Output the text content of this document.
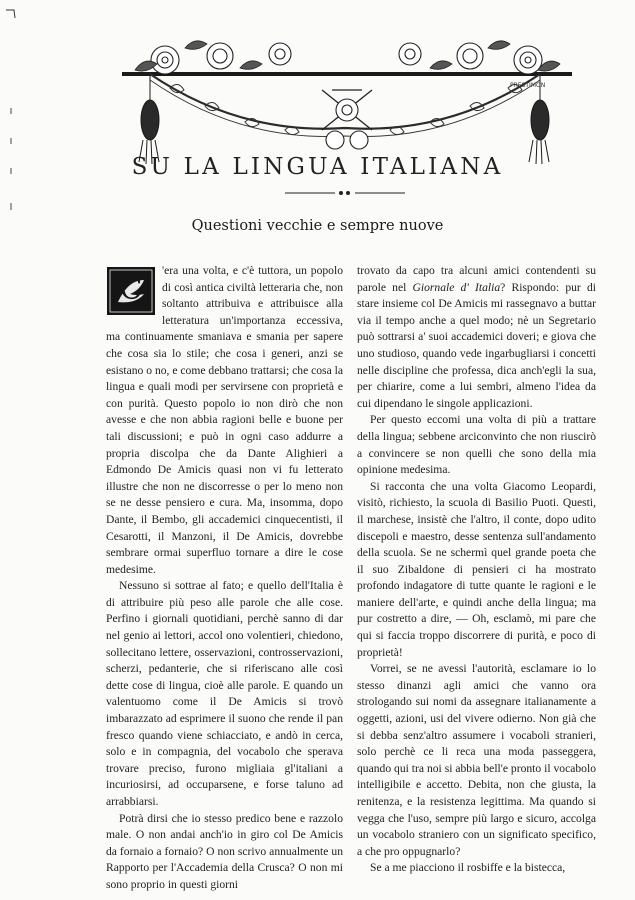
PRESTIMON
SU LA LINGUA ITALIANA
Questioni vecchie e sempre nuove

C
'era una volta, e c'è tuttora, un popolo di così antica civiltà letteraria che, non soltanto attribuiva e attribuisce alla letteratura un'importanza eccessiva, ma continuamente smaniava e smania per sapere che cosa sia lo stile; che cosa i generi, anzi se esistano o no, e come debbano trattarsi; che cosa la lingua e quali modi per servirsene con proprietà e con purità. Questo popolo io non dirò che non avesse e che non abbia ragioni belle e buone per tali discussioni; e può in ogni caso addurre a propria discolpa che da Dante Alighieri a Edmondo De Amicis quasi non vi fu letterato illustre che non ne discorresse o per lo meno non se ne desse pensiero e cura. Ma, insomma, dopo Dante, il Bembo, gli accademici cinquecentisti, il Cesarotti, il Manzoni, il De Amicis, dovrebbe sembrare ormai superfluo tornare a dire le cose medesime.

Nessuno si sottrae al fato; e quello dell'Italia è di attribuire più peso alle parole che alle cose. Perfino i giornali quotidiani, perchè sanno di dar nel genio ai lettori, accol ono volentieri, chiedono, sollecitano lettere, osservazioni, controsservazioni, scherzi, pedanterie, che si riferiscano alle così dette cose di lingua, cioè alle parole. E quando un valentuomo come il De Amicis si trovò imbarazzato ad esprimere il suono che rende il pan fresco quando viene schiacciato, e andò in cerca, solo e in compagnia, del vocabolo che sperava trovare preciso, furono migliaia gl'italiani a incuriosirsi, ad occuparsene, e forse taluno ad arrabbiarsi.

Potrà dirsi che io stesso predico bene e razzolo male. O non andai anch'io in giro col De Amicis da fornaio a fornaio? O non scrivo annualmente un Rapporto per l'Accademia della Crusca? O non mi sono proprio in questi giorni

trovato da capo tra alcuni amici contendenti su parole nel Giornale d' Italia? Rispondo: pur di stare insieme col De Amicis mi rassegnavo a buttar via il tempo anche a quel modo; nè un Segretario può sottrarsi a' suoi accademici doveri; e giova che uno studioso, quando vede ingarbugliarsi i concetti nelle discipline che professa, dica anch'egli la sua, per chiarire, come a lui sembri, almeno l'idea da cui dipendano le singole applicazioni.

Per questo eccomi una volta di più a trattare della lingua; sebbene arciconvinto che non riuscirò a convincere se non quelli che sono della mia opinione medesima.

Si racconta che una volta Giacomo Leopardi, visitò, richiesto, la scuola di Basilio Puoti. Questi, il marchese, insistè che l'altro, il conte, dopo udito discepoli e maestro, desse sentenza sull'andamento della scuola. Se ne schermì quel grande poeta che il suo Zibaldone di pensieri ci ha mostrato profondo indagatore di tutte quante le ragioni e le maniere dell'arte, e quindi anche della lingua; ma pur costretto a dire, — Oh, esclamò, mi pare che qui si faccia troppo discorrere di purità, e poco di proprietà!

Vorrei, se ne avessi l'autorità, esclamare io lo stesso dinanzi agli amici che vanno ora strologando sui nomi da assegnare italianamente a oggetti, azioni, usi del vivere odierno. Non già che si debba senz'altro assumere i vocaboli stranieri, solo perchè ce li reca una moda passeggera, quando qui tra noi si abbia bell'e pronto il vocabolo intelligibile e accetto. Debita, non che giusta, la renitenza, e la resistenza legittima. Ma quando si vegga che l'uso, sempre più largo e sicuro, accolga un vocabolo straniero con un significato specifico, a che pro oppugnarlo?

Se a me piacciono il rosbiffe e la bistecca,
